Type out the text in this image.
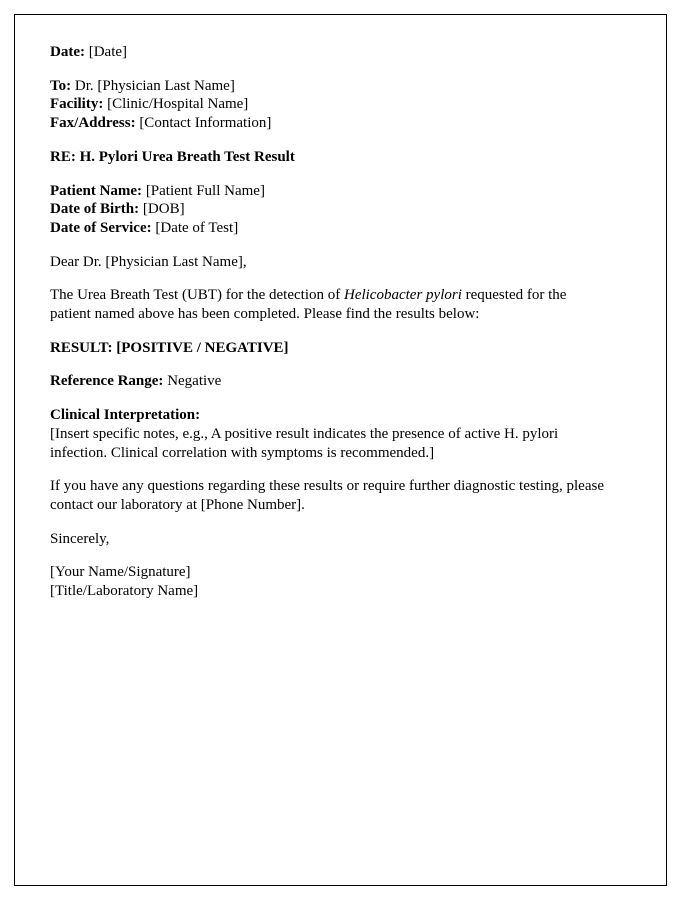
Date: [Date]

To: Dr. [Physician Last Name]
Facility: [Clinic/Hospital Name]
Fax/Address: [Contact Information]

RE: H. Pylori Urea Breath Test Result

Patient Name: [Patient Full Name]
Date of Birth: [DOB]
Date of Service: [Date of Test]

Dear Dr. [Physician Last Name],

The Urea Breath Test (UBT) for the detection of Helicobacter pylori requested for the patient named above has been completed. Please find the results below:

RESULT: [POSITIVE / NEGATIVE]

Reference Range: Negative

Clinical Interpretation:
[Insert specific notes, e.g., A positive result indicates the presence of active H. pylori infection. Clinical correlation with symptoms is recommended.]

If you have any questions regarding these results or require further diagnostic testing, please contact our laboratory at [Phone Number].

Sincerely,

[Your Name/Signature]
[Title/Laboratory Name]
